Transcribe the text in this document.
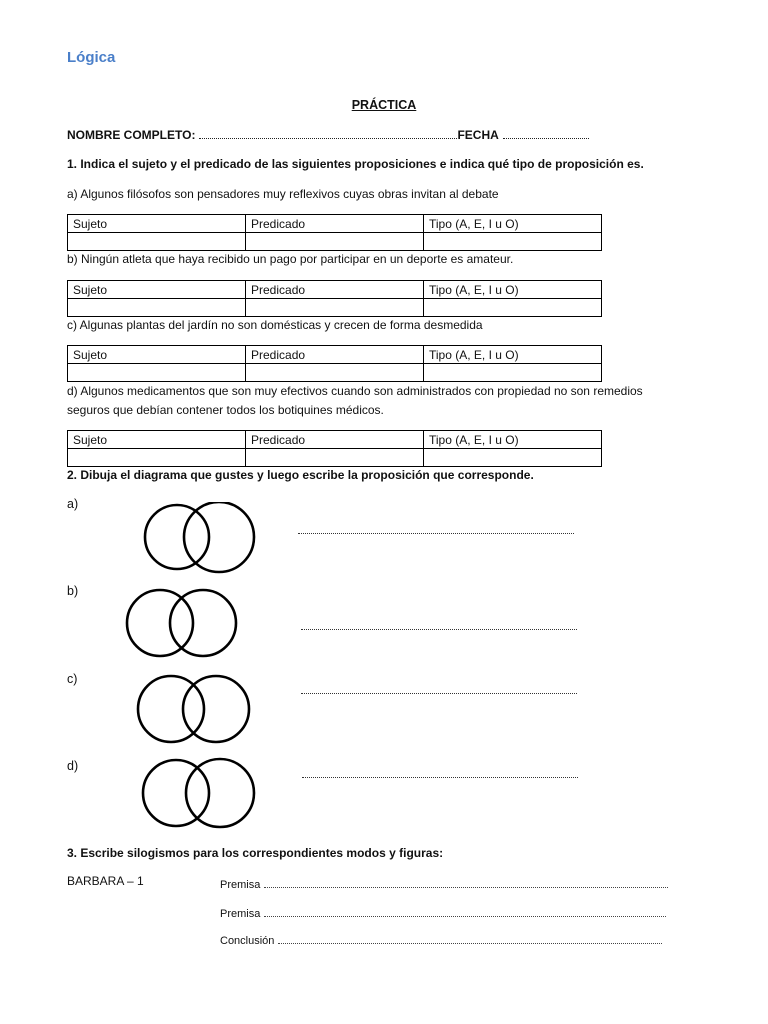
Lógica
PRÁCTICA
NOMBRE COMPLETO:	FECHA
1. Indica el sujeto y el predicado de las siguientes proposiciones e indica qué tipo de proposición es.
a) Algunos filósofos son pensadores muy reflexivos cuyas obras invitan al debate
Sujeto	Predicado	Tipo (A, E, I u O)

b) Ningún atleta que haya recibido un pago por participar en un deporte es amateur.
Sujeto	Predicado	Tipo (A, E, I u O)

c) Algunas plantas del jardín no son domésticas y crecen de forma desmedida
Sujeto	Predicado	Tipo (A, E, I u O)

d) Algunos medicamentos que son muy efectivos cuando son administrados con propiedad no son remedios seguros que debían contener todos los botiquines médicos.
Sujeto	Predicado	Tipo (A, E, I u O)

2. Dibuja el diagrama que gustes y luego escribe la proposición que corresponde.
a)
b)
c)
d)
3. Escribe silogismos para los correspondientes modos y figuras:
BARBARA – 1	Premisa
Premisa
Conclusión
